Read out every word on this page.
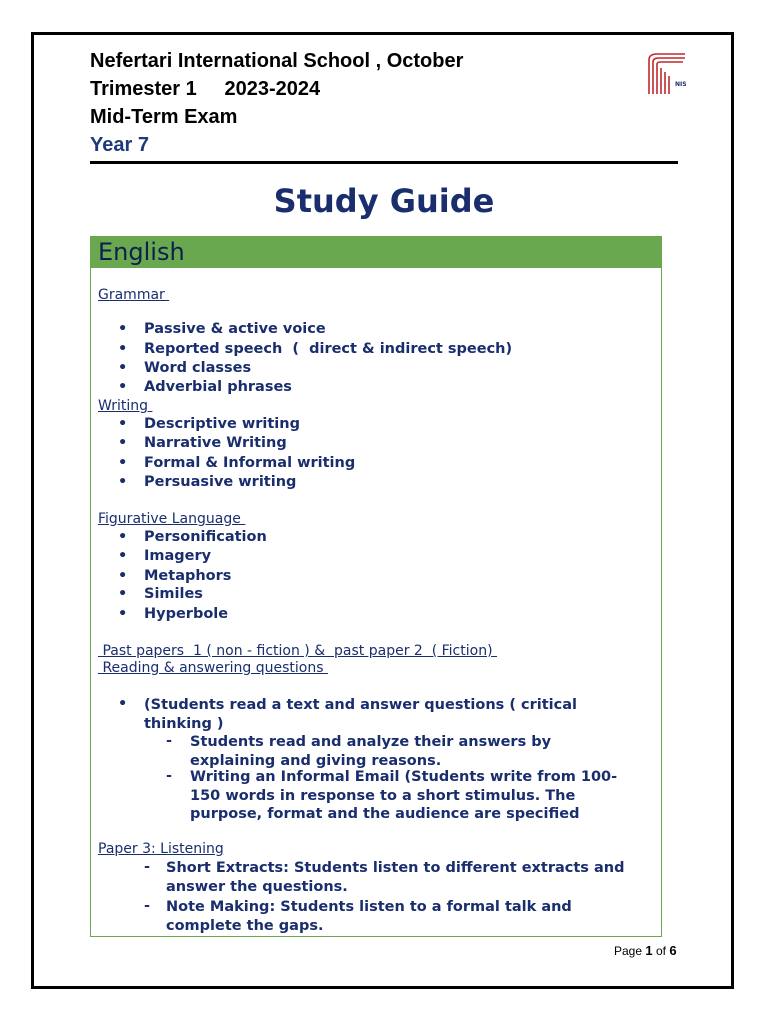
Nefertari International School , October
Trimester 1     2023-2024
Mid-Term Exam
Year 7
NIS
Study Guide
English
Grammar
• Passive & active voice
• Reported speech  (  direct & indirect speech)
• Word classes
• Adverbial phrases
Writing
• Descriptive writing
• Narrative Writing
• Formal & Informal writing
• Persuasive writing
Figurative Language
• Personification
• Imagery
• Metaphors
• Similes
• Hyperbole
Past papers  1 ( non - fiction ) &  past paper 2  ( Fiction)
Reading & answering questions
• (Students read a text and answer questions ( critical thinking )
- Students read and analyze their answers by explaining and giving reasons.
- Writing an Informal Email (Students write from 100-150 words in response to a short stimulus. The purpose, format and the audience are specified
Paper 3: Listening
- Short Extracts: Students listen to different extracts and answer the questions.
- Note Making: Students listen to a formal talk and complete the gaps.
Page 1 of 6
